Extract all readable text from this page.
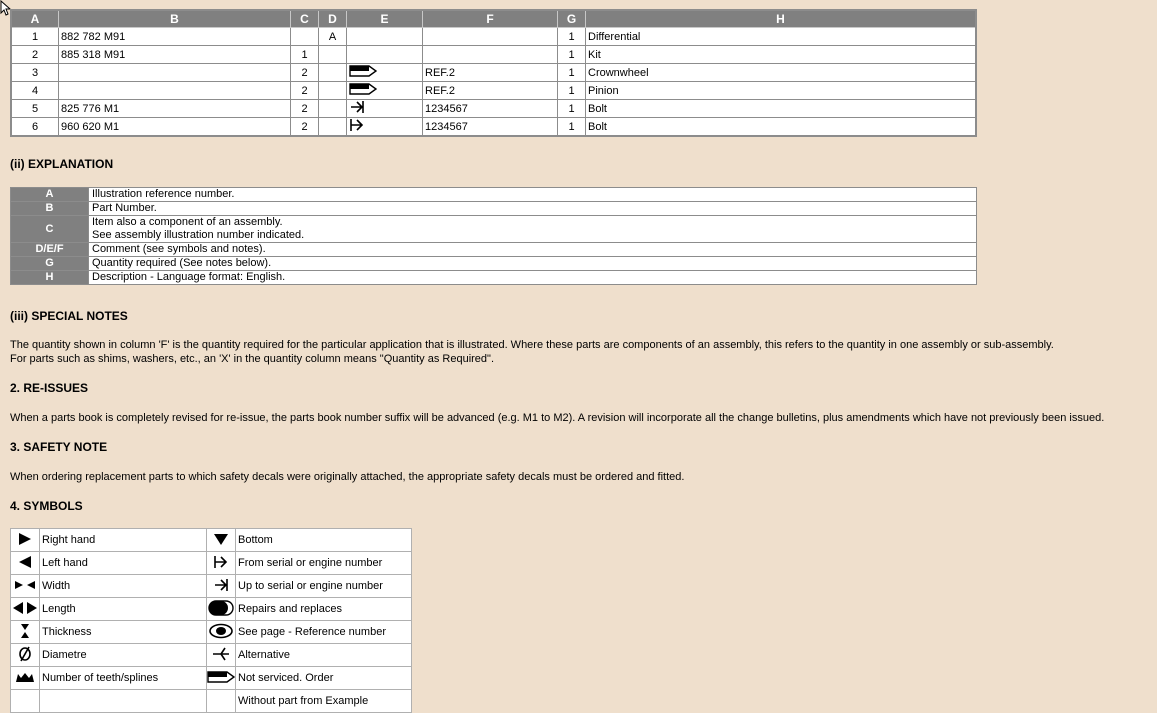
A	B	C	D	E	F	G	H
1	882 782 M91		A			1	Differential
2	885 318 M91	1				1	Kit
3		2			REF.2	1	Crownwheel
4		2			REF.2	1	Pinion
5	825 776 M1	2			1234567	1	Bolt
6	960 620 M1	2			1234567	1	Bolt
(ii) EXPLANATION
A	Illustration reference number.

B	Part Number.

C	Item also a component of an assembly.
See assembly illustration number indicated.

D/E/F	Comment (see symbols and notes).

G	Quantity required (See notes below).

H	Description - Language format: English.
(iii) SPECIAL NOTES
The quantity shown in column 'F' is the quantity required for the particular application that is illustrated. Where these parts are components of an assembly, this refers to the quantity in one assembly or sub-assembly.
For parts such as shims, washers, etc., an 'X' in the quantity column means "Quantity as Required".
2. RE-ISSUES
When a parts book is completely revised for re-issue, the parts book number suffix will be advanced (e.g. M1 to M2). A revision will incorporate all the change bulletins, plus amendments which have not previously been issued.
3. SAFETY NOTE
When ordering replacement parts to which safety decals were originally attached, the appropriate safety decals must be ordered and fitted.
4. SYMBOLS
	Right hand		Bottom
	Left hand		From serial or engine number
	Width		Up to serial or engine number
	Length		Repairs and replaces
	Thickness		See page - Reference number
	Diametre		Alternative
	Number of teeth/splines		Not serviced. Order
			Without part from Example
